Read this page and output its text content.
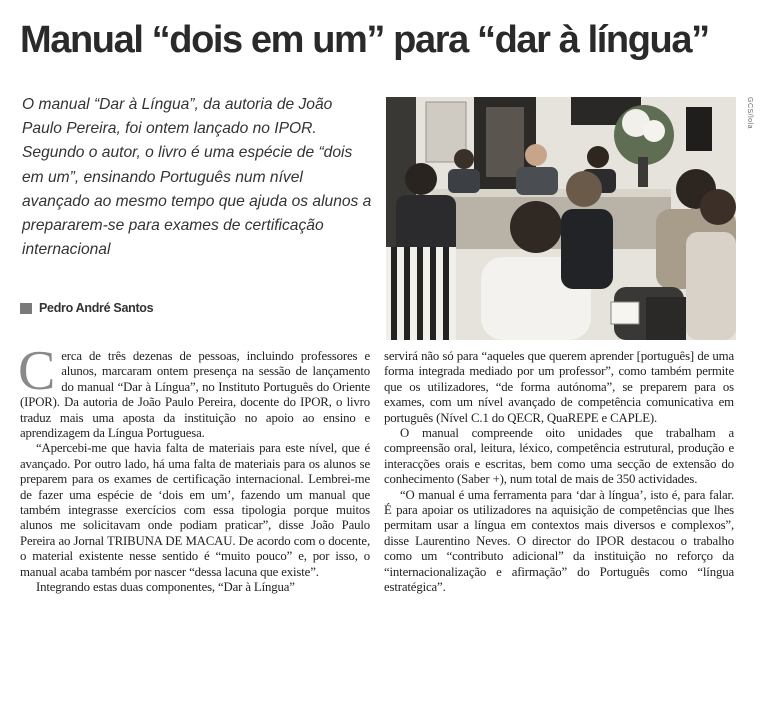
Manual “dois em um” para “dar à língua”

O manual “Dar à Língua”, da autoria de João Paulo Pereira, foi ontem lançado no IPOR. Segundo o autor, o livro é uma espécie de “dois em um”, ensinando Português num nível avançado ao mesmo tempo que ajuda os alunos a prepararem-se para exames de certificação internacional

GCS/lola
Pedro André Santos

Cerca de três dezenas de pessoas, incluindo professores e alunos, marcaram ontem presença na sessão de lançamento do manual “Dar à Língua”, no Instituto Português do Oriente (IPOR). Da autoria de João Paulo Pereira, docente do IPOR, o livro traduz mais uma aposta da instituição no apoio ao ensino e aprendizagem da Língua Portuguesa.

“Apercebi-me que havia falta de materiais para este nível, que é avançado. Por outro lado, há uma falta de materiais para os alunos se preparem para os exames de certificação internacional. Lembrei-me de fazer uma espécie de ‘dois em um’, fazendo um manual que também integrasse exercícios com essa tipologia porque muitos alunos me solicitavam onde podiam praticar”, disse João Paulo Pereira ao Jornal TRIBUNA DE MACAU. De acordo com o docente, o material existente nesse sentido é “muito pouco” e, por isso, o manual acaba também por nascer “dessa lacuna que existe”.

Integrando estas duas componentes, “Dar à Língua”

servirá não só para “aqueles que querem aprender [português] de uma forma integrada mediado por um professor”, como também permite que os utilizadores, “de forma autónoma”, se preparem para os exames, com um nível avançado de competência comunicativa em português (Nível C.1 do QECR, QuaREPE e CAPLE).

O manual compreende oito unidades que trabalham a compreensão oral, leitura, léxico, competência estrutural, produção e interacções orais e escritas, bem como uma secção de extensão do conhecimento (Saber +), num total de mais de 350 actividades.

“O manual é uma ferramenta para ‘dar à língua’, isto é, para falar. É para apoiar os utilizadores na aquisição de competências que lhes permitam usar a língua em contextos mais diversos e complexos”, disse Laurentino Neves. O director do IPOR destacou o trabalho como um “contributo adicional” da instituição no reforço da “internacionalização e afirmação” do Português como “língua estratégica”.
